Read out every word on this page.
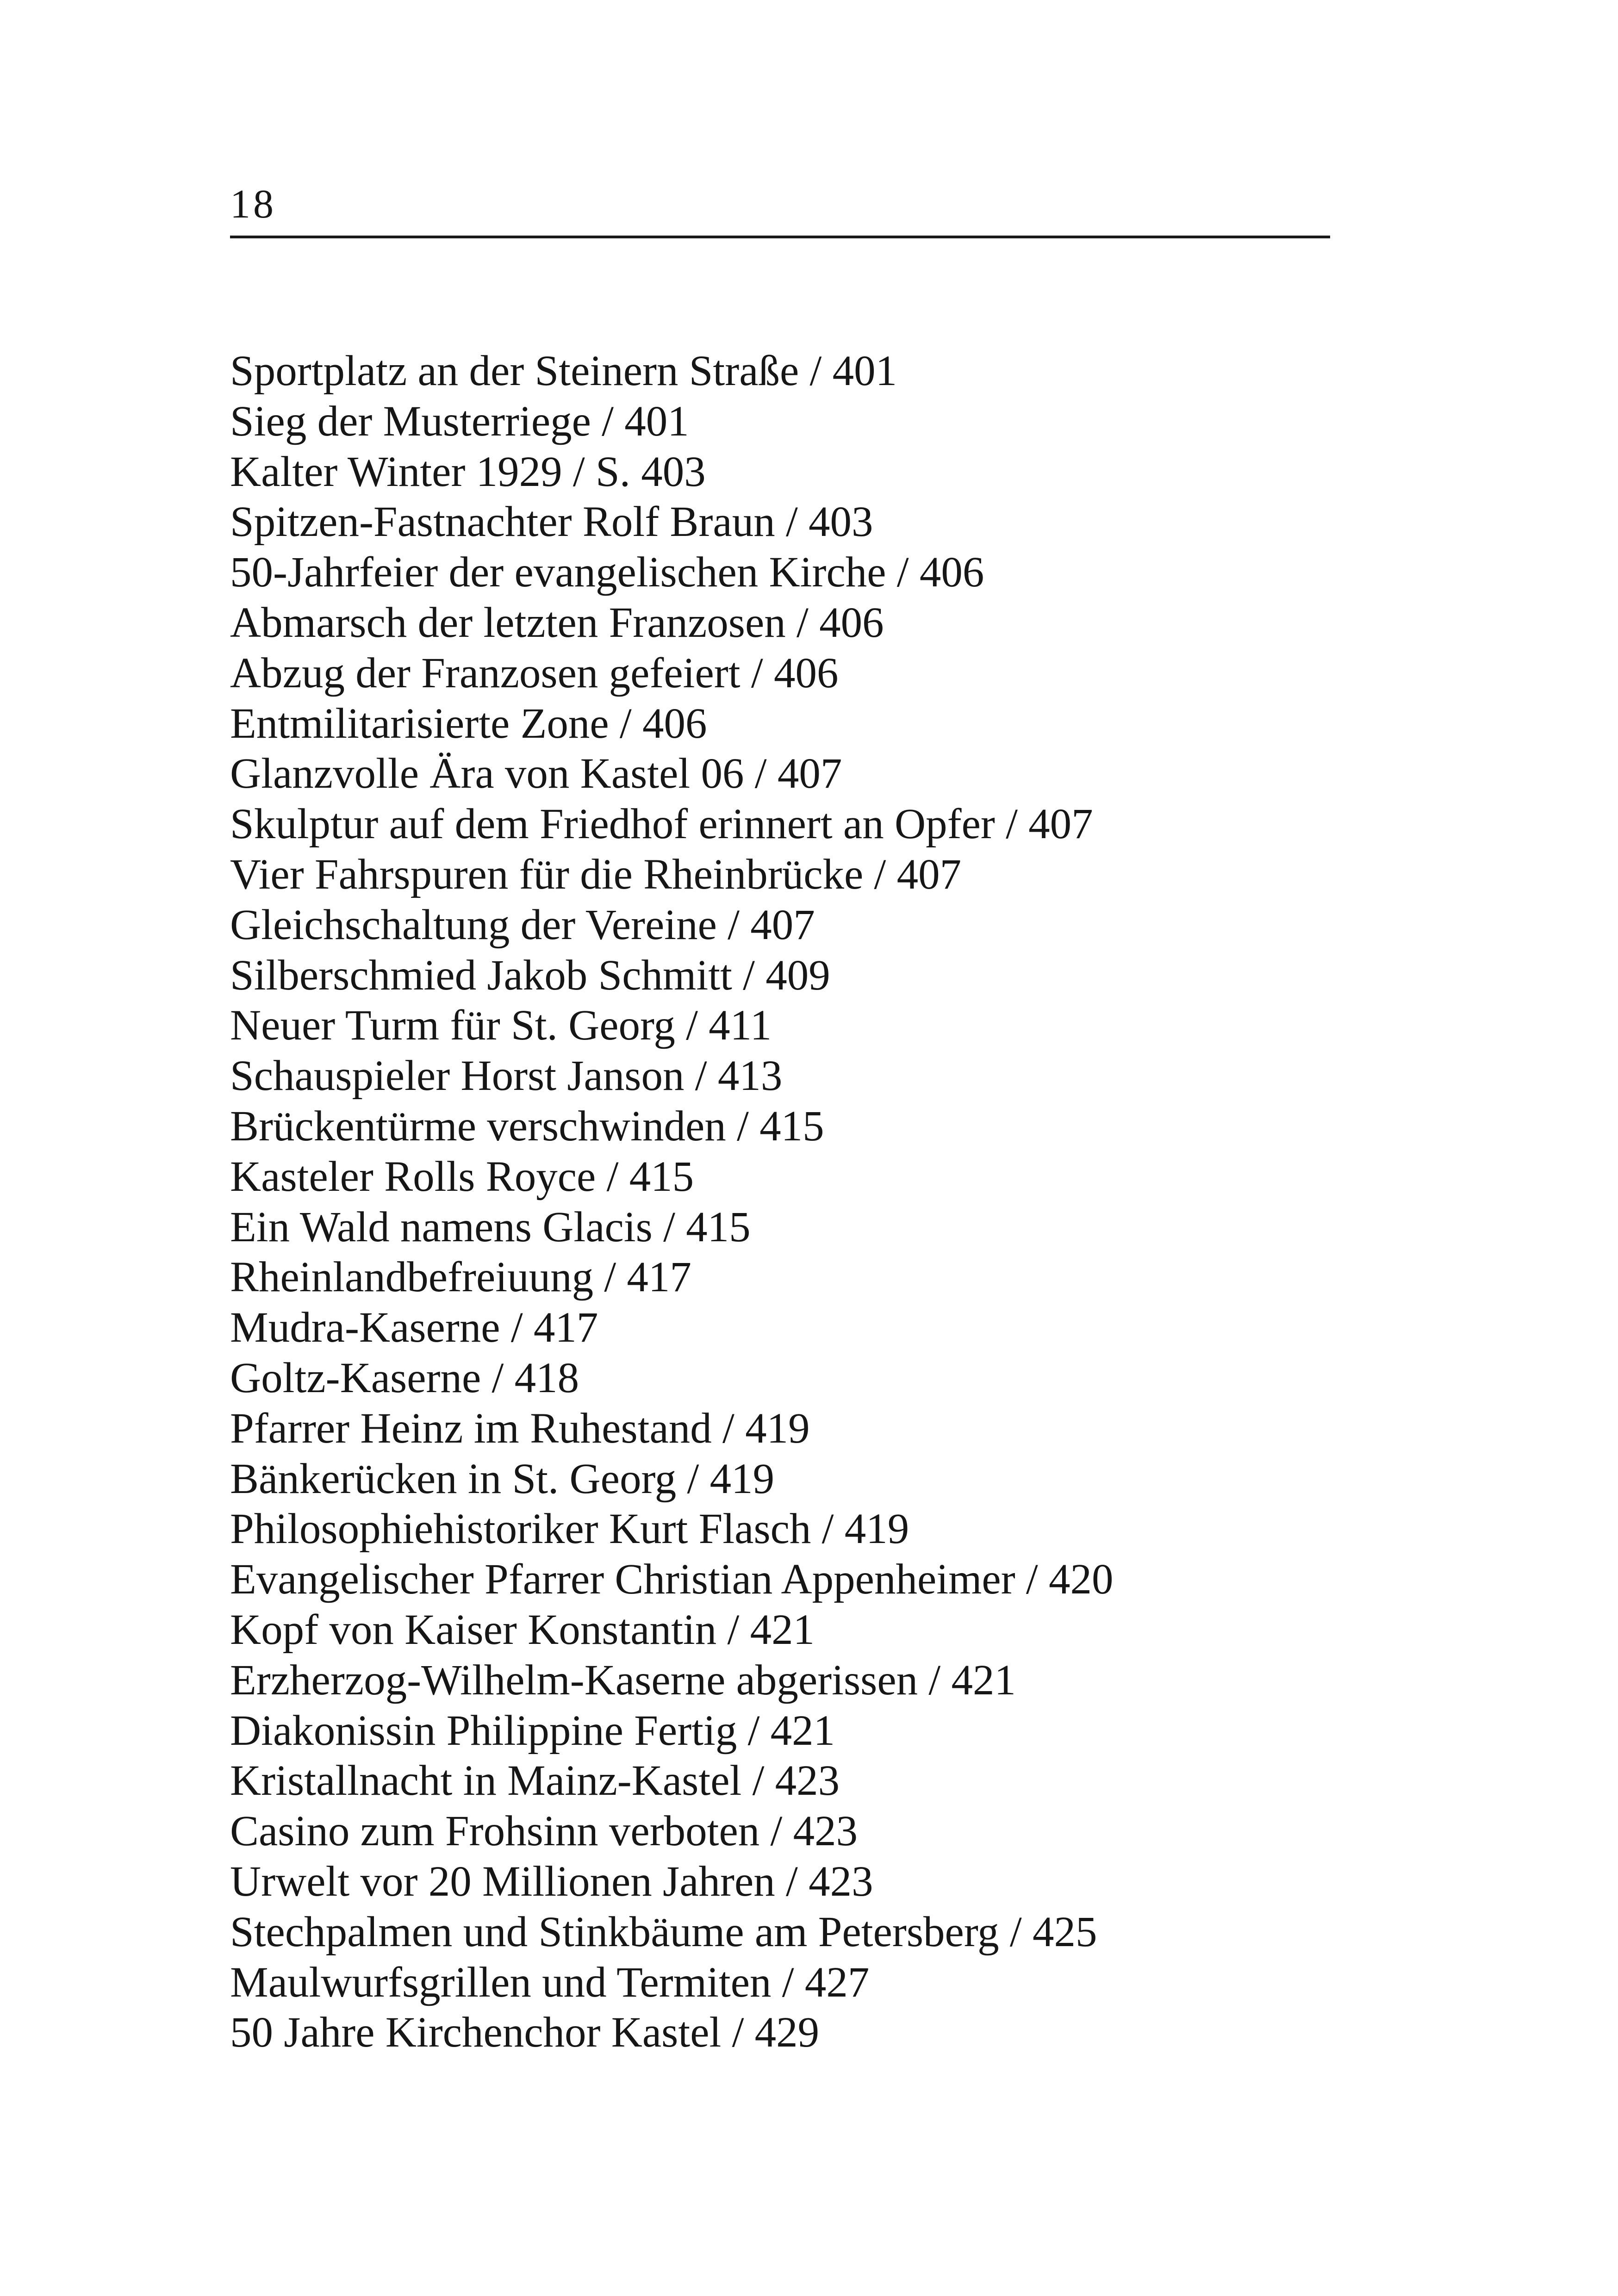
18
Sportplatz an der Steinern Straße / 401
Sieg der Musterriege / 401
Kalter Winter 1929 / S. 403
Spitzen-Fastnachter Rolf Braun / 403
50-Jahrfeier der evangelischen Kirche / 406
Abmarsch der letzten Franzosen / 406
Abzug der Franzosen gefeiert / 406
Entmilitarisierte Zone / 406
Glanzvolle Ära von Kastel 06 / 407
Skulptur auf dem Friedhof erinnert an Opfer / 407
Vier Fahrspuren für die Rheinbrücke / 407
Gleichschaltung der Vereine / 407
Silberschmied Jakob Schmitt / 409
Neuer Turm für St. Georg / 411
Schauspieler Horst Janson / 413
Brückentürme verschwinden / 415
Kasteler Rolls Royce / 415
Ein Wald namens Glacis / 415
Rheinlandbefreiuung / 417
Mudra-Kaserne / 417
Goltz-Kaserne / 418
Pfarrer Heinz im Ruhestand / 419
Bänkerücken in St. Georg / 419
Philosophiehistoriker Kurt Flasch / 419
Evangelischer Pfarrer Christian Appenheimer / 420
Kopf von Kaiser Konstantin / 421
Erzherzog-Wilhelm-Kaserne abgerissen / 421
Diakonissin Philippine Fertig / 421
Kristallnacht in Mainz-Kastel / 423
Casino zum Frohsinn verboten / 423
Urwelt vor 20 Millionen Jahren / 423
Stechpalmen und Stinkbäume am Petersberg / 425
Maulwurfsgrillen und Termiten / 427
50 Jahre Kirchenchor Kastel / 429
